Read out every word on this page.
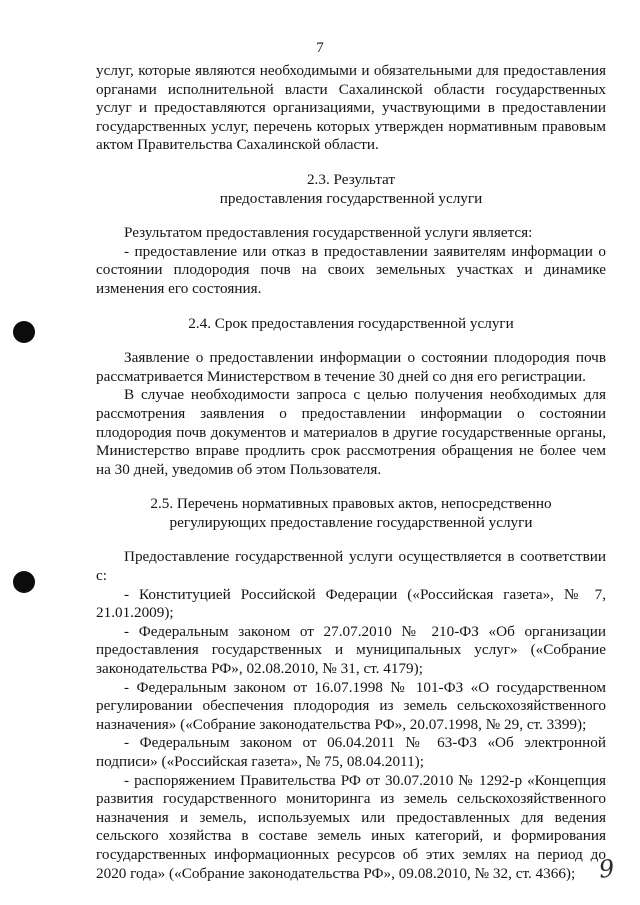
7

услуг, которые являются необходимыми и обязательными для предоставления органами исполнительной власти Сахалинской области государственных услуг и предоставляются организациями, участвующими в предоставлении государственных услуг, перечень которых утвержден нормативным правовым актом Правительства Сахалинской области.

2.3. Результат
предоставления государственной услуги

Результатом предоставления государственной услуги является:

- предоставление или отказ в предоставлении заявителям информации о состоянии плодородия почв на своих земельных участках и динамике изменения его состояния.

2.4. Срок предоставления государственной услуги

Заявление о предоставлении информации о состоянии плодородия почв рассматривается Министерством в течение 30 дней со дня его регистрации.

В случае необходимости запроса с целью получения необходимых для рассмотрения заявления о предоставлении информации о состоянии плодородия почв документов и материалов в другие государственные органы, Министерство вправе продлить срок рассмотрения обращения не более чем на 30 дней, уведомив об этом Пользователя.

2.5. Перечень нормативных правовых актов, непосредственно
регулирующих предоставление государственной услуги

Предоставление государственной услуги осуществляется в соответствии с:

- Конституцией Российской Федерации («Российская газета», № 7, 21.01.2009);

- Федеральным законом от 27.07.2010 № 210-ФЗ «Об организации предоставления государственных и муниципальных услуг» («Собрание законодательства РФ», 02.08.2010, № 31, ст. 4179);

- Федеральным законом от 16.07.1998 № 101-ФЗ «О государственном регулировании обеспечения плодородия из земель сельскохозяйственного назначения» («Собрание законодательства РФ», 20.07.1998, № 29, ст. 3399);

- Федеральным законом от 06.04.2011 № 63-ФЗ «Об электронной подписи» («Российская газета», № 75, 08.04.2011);

- распоряжением Правительства РФ от 30.07.2010 № 1292-р «Концепция развития государственного мониторинга из земель сельскохозяйственного назначения и земель, используемых или предоставленных для ведения сельского хозяйства в составе земель иных категорий, и формирования государственных информационных ресурсов об этих землях на период до 2020 года» («Собрание законодательства РФ», 09.08.2010, № 32, ст. 4366); 9
